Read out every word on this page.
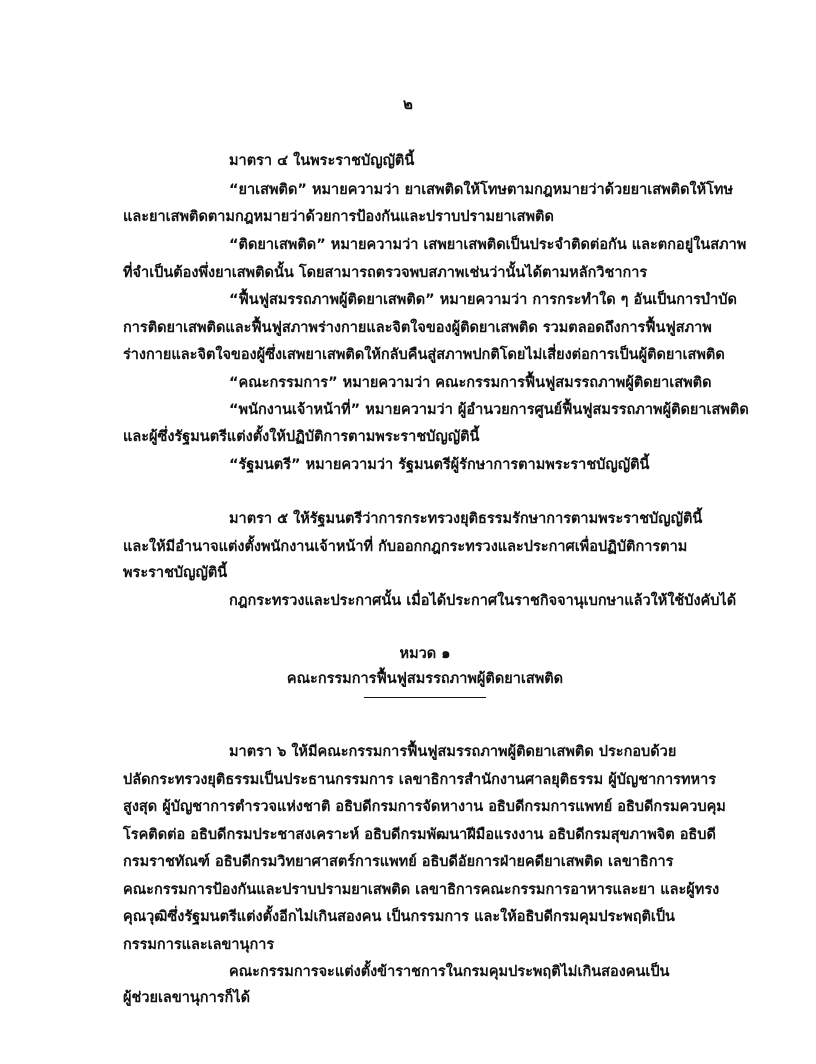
๒
มาตรา ๔ ในพระราชบัญญัตินี้
“ยาเสพติด” หมายความว่า ยาเสพติดให้โทษตามกฎหมายว่าด้วยยาเสพติดให้โทษ
และยาเสพติดตามกฎหมายว่าด้วยการป้องกันและปราบปรามยาเสพติด
“ติดยาเสพติด” หมายความว่า เสพยาเสพติดเป็นประจำติดต่อกัน และตกอยู่ในสภาพ
ที่จำเป็นต้องพึ่งยาเสพติดนั้น โดยสามารถตรวจพบสภาพเช่นว่านั้นได้ตามหลักวิชาการ
“ฟื้นฟูสมรรถภาพผู้ติดยาเสพติด” หมายความว่า การกระทำใด ๆ อันเป็นการบำบัด
การติดยาเสพติดและฟื้นฟูสภาพร่างกายและจิตใจของผู้ติดยาเสพติด รวมตลอดถึงการฟื้นฟูสภาพ
ร่างกายและจิตใจของผู้ซึ่งเสพยาเสพติดให้กลับคืนสู่สภาพปกติโดยไม่เสี่ยงต่อการเป็นผู้ติดยาเสพติด
“คณะกรรมการ” หมายความว่า คณะกรรมการฟื้นฟูสมรรถภาพผู้ติดยาเสพติด
“พนักงานเจ้าหน้าที่” หมายความว่า ผู้อำนวยการศูนย์ฟื้นฟูสมรรถภาพผู้ติดยาเสพติด
และผู้ซึ่งรัฐมนตรีแต่งตั้งให้ปฏิบัติการตามพระราชบัญญัตินี้
“รัฐมนตรี” หมายความว่า รัฐมนตรีผู้รักษาการตามพระราชบัญญัตินี้
มาตรา ๕ ให้รัฐมนตรีว่าการกระทรวงยุติธรรมรักษาการตามพระราชบัญญัตินี้
และให้มีอำนาจแต่งตั้งพนักงานเจ้าหน้าที่ กับออกกฎกระทรวงและประกาศเพื่อปฏิบัติการตาม
พระราชบัญญัตินี้
กฎกระทรวงและประกาศนั้น เมื่อได้ประกาศในราชกิจจานุเบกษาแล้วให้ใช้บังคับได้
หมวด ๑
คณะกรรมการฟื้นฟูสมรรถภาพผู้ติดยาเสพติด
มาตรา ๖ ให้มีคณะกรรมการฟื้นฟูสมรรถภาพผู้ติดยาเสพติด ประกอบด้วย
ปลัดกระทรวงยุติธรรมเป็นประธานกรรมการ เลขาธิการสำนักงานศาลยุติธรรม ผู้บัญชาการทหาร
สูงสุด ผู้บัญชาการตำรวจแห่งชาติ อธิบดีกรมการจัดหางาน อธิบดีกรมการแพทย์ อธิบดีกรมควบคุม
โรคติดต่อ อธิบดีกรมประชาสงเคราะห์ อธิบดีกรมพัฒนาฝีมือแรงงาน อธิบดีกรมสุขภาพจิต อธิบดี
กรมราชทัณฑ์ อธิบดีกรมวิทยาศาสตร์การแพทย์ อธิบดีอัยการฝ่ายคดียาเสพติด เลขาธิการ
คณะกรรมการป้องกันและปราบปรามยาเสพติด เลขาธิการคณะกรรมการอาหารและยา และผู้ทรง
คุณวุฒิซึ่งรัฐมนตรีแต่งตั้งอีกไม่เกินสองคน เป็นกรรมการ และให้อธิบดีกรมคุมประพฤติเป็น
กรรมการและเลขานุการ
คณะกรรมการจะแต่งตั้งข้าราชการในกรมคุมประพฤติไม่เกินสองคนเป็น
ผู้ช่วยเลขานุการก็ได้
